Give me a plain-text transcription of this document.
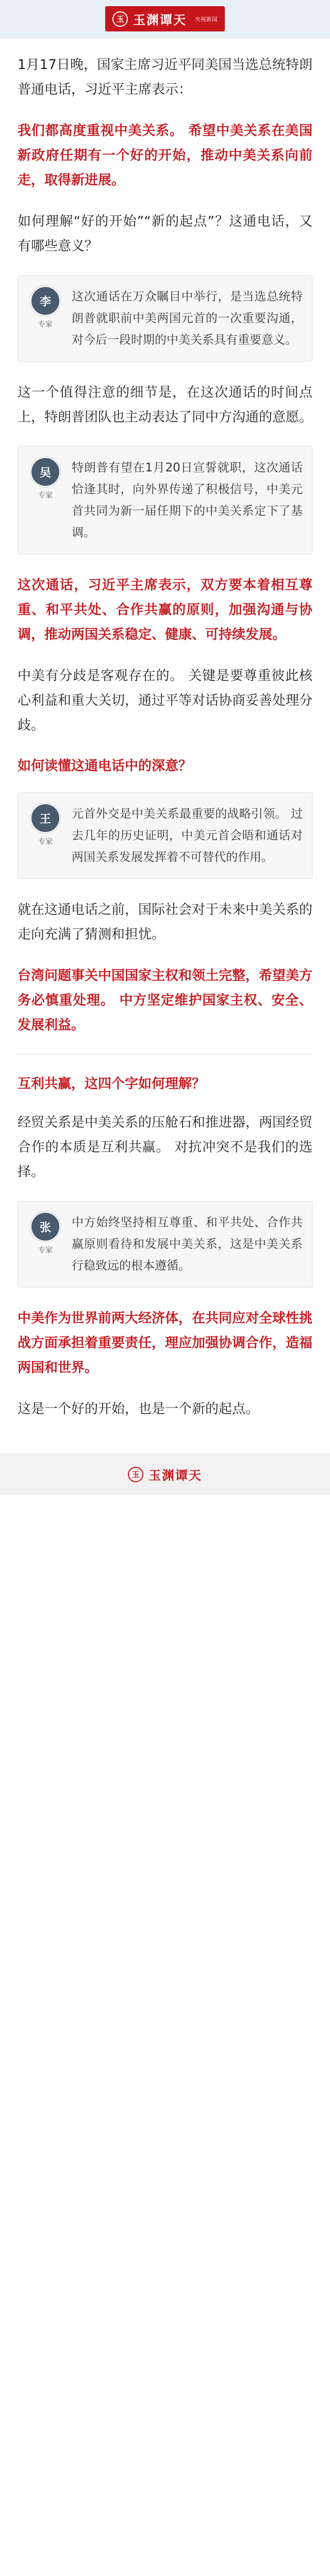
玉 玉渊谭天 央视新闻

1月17日晚，国家主席习近平同美国当选总统特朗普通电话，习近平主席表示：

我们都高度重视中美关系。 希望中美关系在美国新政府任期有一个好的开始，推动中美关系向前走，取得新进展。

如何理解“好的开始”“新的起点”？这通电话，又有哪些意义？

李
专家
这次通话在万众瞩目中举行，是当选总统特朗普就职前中美两国元首的一次重要沟通，对今后一段时期的中美关系具有重要意义。

这一个值得注意的细节是，在这次通话的时间点上，特朗普团队也主动表达了同中方沟通的意愿。

吴
专家
特朗普有望在1月20日宣誓就职，这次通话恰逢其时，向外界传递了积极信号，中美元首共同为新一届任期下的中美关系定下了基调。

这次通话，习近平主席表示，双方要本着相互尊重、和平共处、合作共赢的原则，加强沟通与协调，推动两国关系稳定、健康、可持续发展。

中美有分歧是客观存在的。 关键是要尊重彼此核心利益和重大关切，通过平等对话协商妥善处理分歧。

如何读懂这通电话中的深意？
王
专家
元首外交是中美关系最重要的战略引领。 过去几年的历史证明，中美元首会晤和通话对两国关系发展发挥着不可替代的作用。

就在这通电话之前，国际社会对于未来中美关系的走向充满了猜测和担忧。

台湾问题事关中国国家主权和领土完整，希望美方务必慎重处理。 中方坚定维护国家主权、安全、发展利益。

互利共赢，这四个字如何理解？

经贸关系是中美关系的压舱石和推进器，两国经贸合作的本质是互利共赢。 对抗冲突不是我们的选择。

张
专家
中方始终坚持相互尊重、和平共处、合作共赢原则看待和发展中美关系，这是中美关系行稳致远的根本遵循。

中美作为世界前两大经济体，在共同应对全球性挑战方面承担着重要责任，理应加强协调合作，造福两国和世界。

这是一个好的开始，也是一个新的起点。

玉 玉渊谭天
